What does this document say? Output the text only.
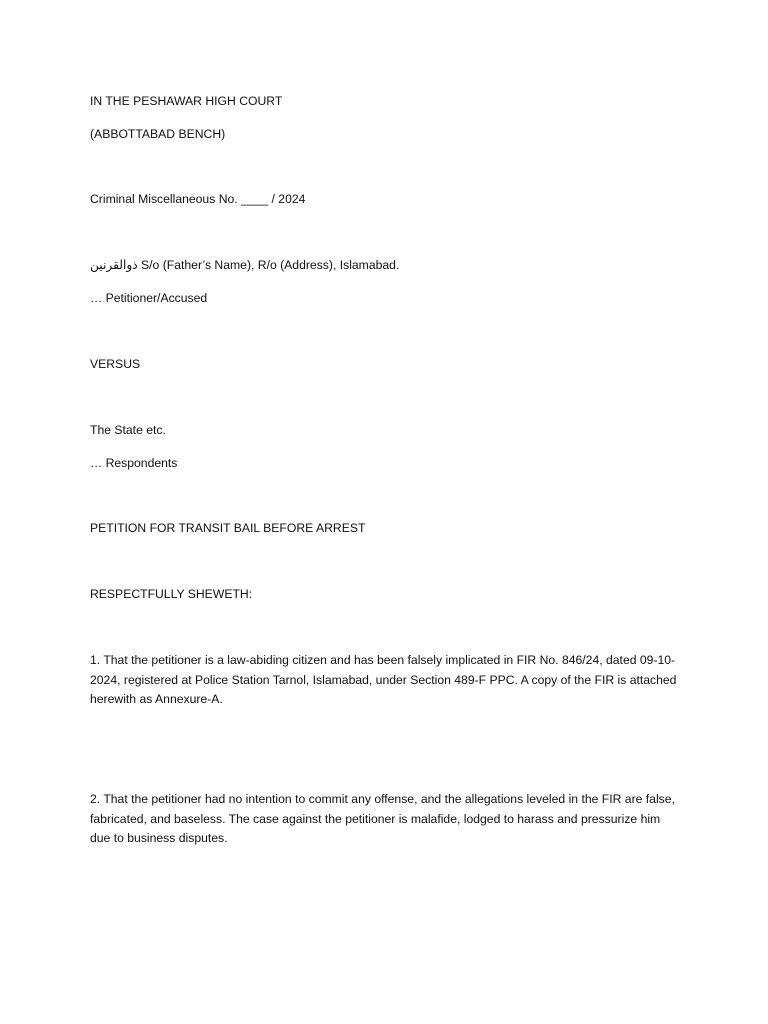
IN THE PESHAWAR HIGH COURT
(ABBOTTABAD BENCH)
Criminal Miscellaneous No. ____ / 2024
ذوالقرنین S/o (Father’s Name), R/o (Address), Islamabad.
… Petitioner/Accused
VERSUS
The State etc.
… Respondents
PETITION FOR TRANSIT BAIL BEFORE ARREST
RESPECTFULLY SHEWETH:
1. That the petitioner is a law-abiding citizen and has been falsely implicated in FIR No. 846/24, dated 09-10-2024, registered at Police Station Tarnol, Islamabad, under Section 489-F PPC. A copy of the FIR is attached herewith as Annexure-A.
2. That the petitioner had no intention to commit any offense, and the allegations leveled in the FIR are false, fabricated, and baseless. The case against the petitioner is malafide, lodged to harass and pressurize him due to business disputes.
